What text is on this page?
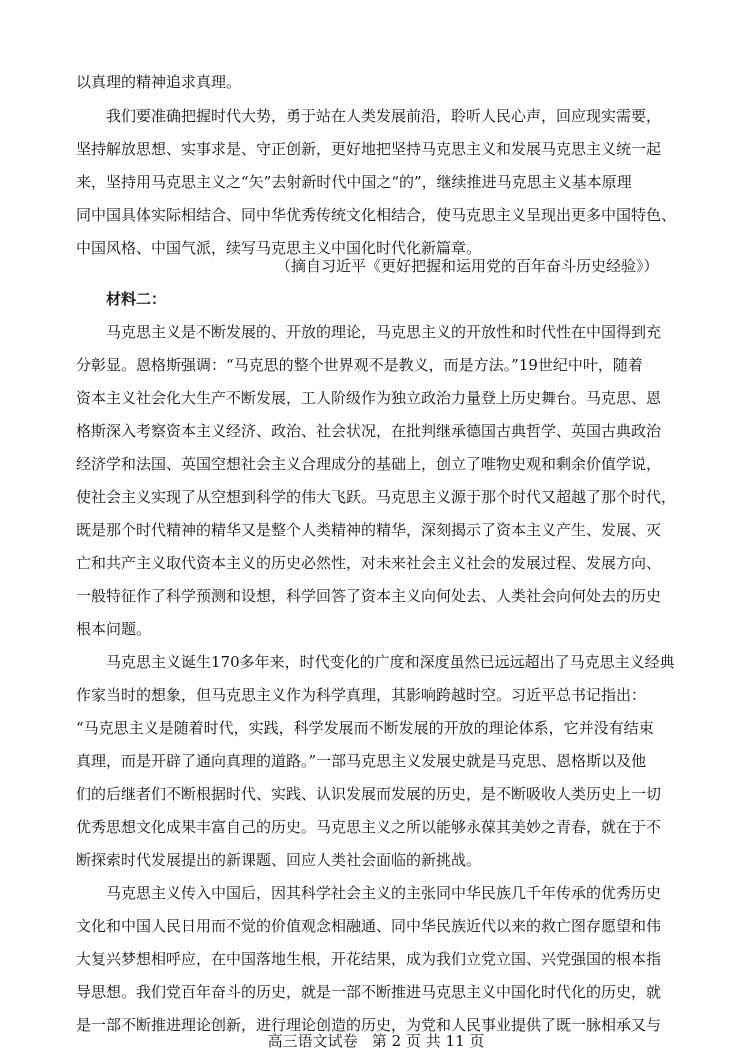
以真理的精神追求真理。
我们要准确把握时代大势，勇于站在人类发展前沿，聆听人民心声，回应现实需要，
坚持解放思想、实事求是、守正创新，更好地把坚持马克思主义和发展马克思主义统一起
来，坚持用马克思主义之“矢”去射新时代中国之“的”，继续推进马克思主义基本原理
同中国具体实际相结合、同中华优秀传统文化相结合，使马克思主义呈现出更多中国特色、
中国风格、中国气派，续写马克思主义中国化时代化新篇章。
（摘自习近平《更好把握和运用党的百年奋斗历史经验》）
材料二：
马克思主义是不断发展的、开放的理论，马克思主义的开放性和时代性在中国得到充
分彰显。恩格斯强调：“马克思的整个世界观不是教义，而是方法。”19世纪中叶，随着
资本主义社会化大生产不断发展，工人阶级作为独立政治力量登上历史舞台。马克思、恩
格斯深入考察资本主义经济、政治、社会状况，在批判继承德国古典哲学、英国古典政治
经济学和法国、英国空想社会主义合理成分的基础上，创立了唯物史观和剩余价值学说，
使社会主义实现了从空想到科学的伟大飞跃。马克思主义源于那个时代又超越了那个时代，
既是那个时代精神的精华又是整个人类精神的精华，深刻揭示了资本主义产生、发展、灭
亡和共产主义取代资本主义的历史必然性，对未来社会主义社会的发展过程、发展方向、
一般特征作了科学预测和设想，科学回答了资本主义向何处去、人类社会向何处去的历史
根本问题。
马克思主义诞生170多年来，时代变化的广度和深度虽然已远远超出了马克思主义经典
作家当时的想象，但马克思主义作为科学真理，其影响跨越时空。习近平总书记指出：
“马克思主义是随着时代，实践，科学发展而不断发展的开放的理论体系，它并没有结束
真理，而是开辟了通向真理的道路。”一部马克思主义发展史就是马克思、恩格斯以及他
们的后继者们不断根据时代、实践、认识发展而发展的历史，是不断吸收人类历史上一切
优秀思想文化成果丰富自己的历史。马克思主义之所以能够永葆其美妙之青春，就在于不
断探索时代发展提出的新课题、回应人类社会面临的新挑战。
马克思主义传入中国后，因其科学社会主义的主张同中华民族几千年传承的优秀历史
文化和中国人民日用而不觉的价值观念相融通、同中华民族近代以来的救亡图存愿望和伟
大复兴梦想相呼应，在中国落地生根，开花结果，成为我们立党立国、兴党强国的根本指
导思想。我们党百年奋斗的历史，就是一部不断推进马克思主义中国化时代化的历史，就
是一部不断推进理论创新，进行理论创造的历史，为党和人民事业提供了既一脉相承又与
高三语文试卷   第 2 页 共 11 页
